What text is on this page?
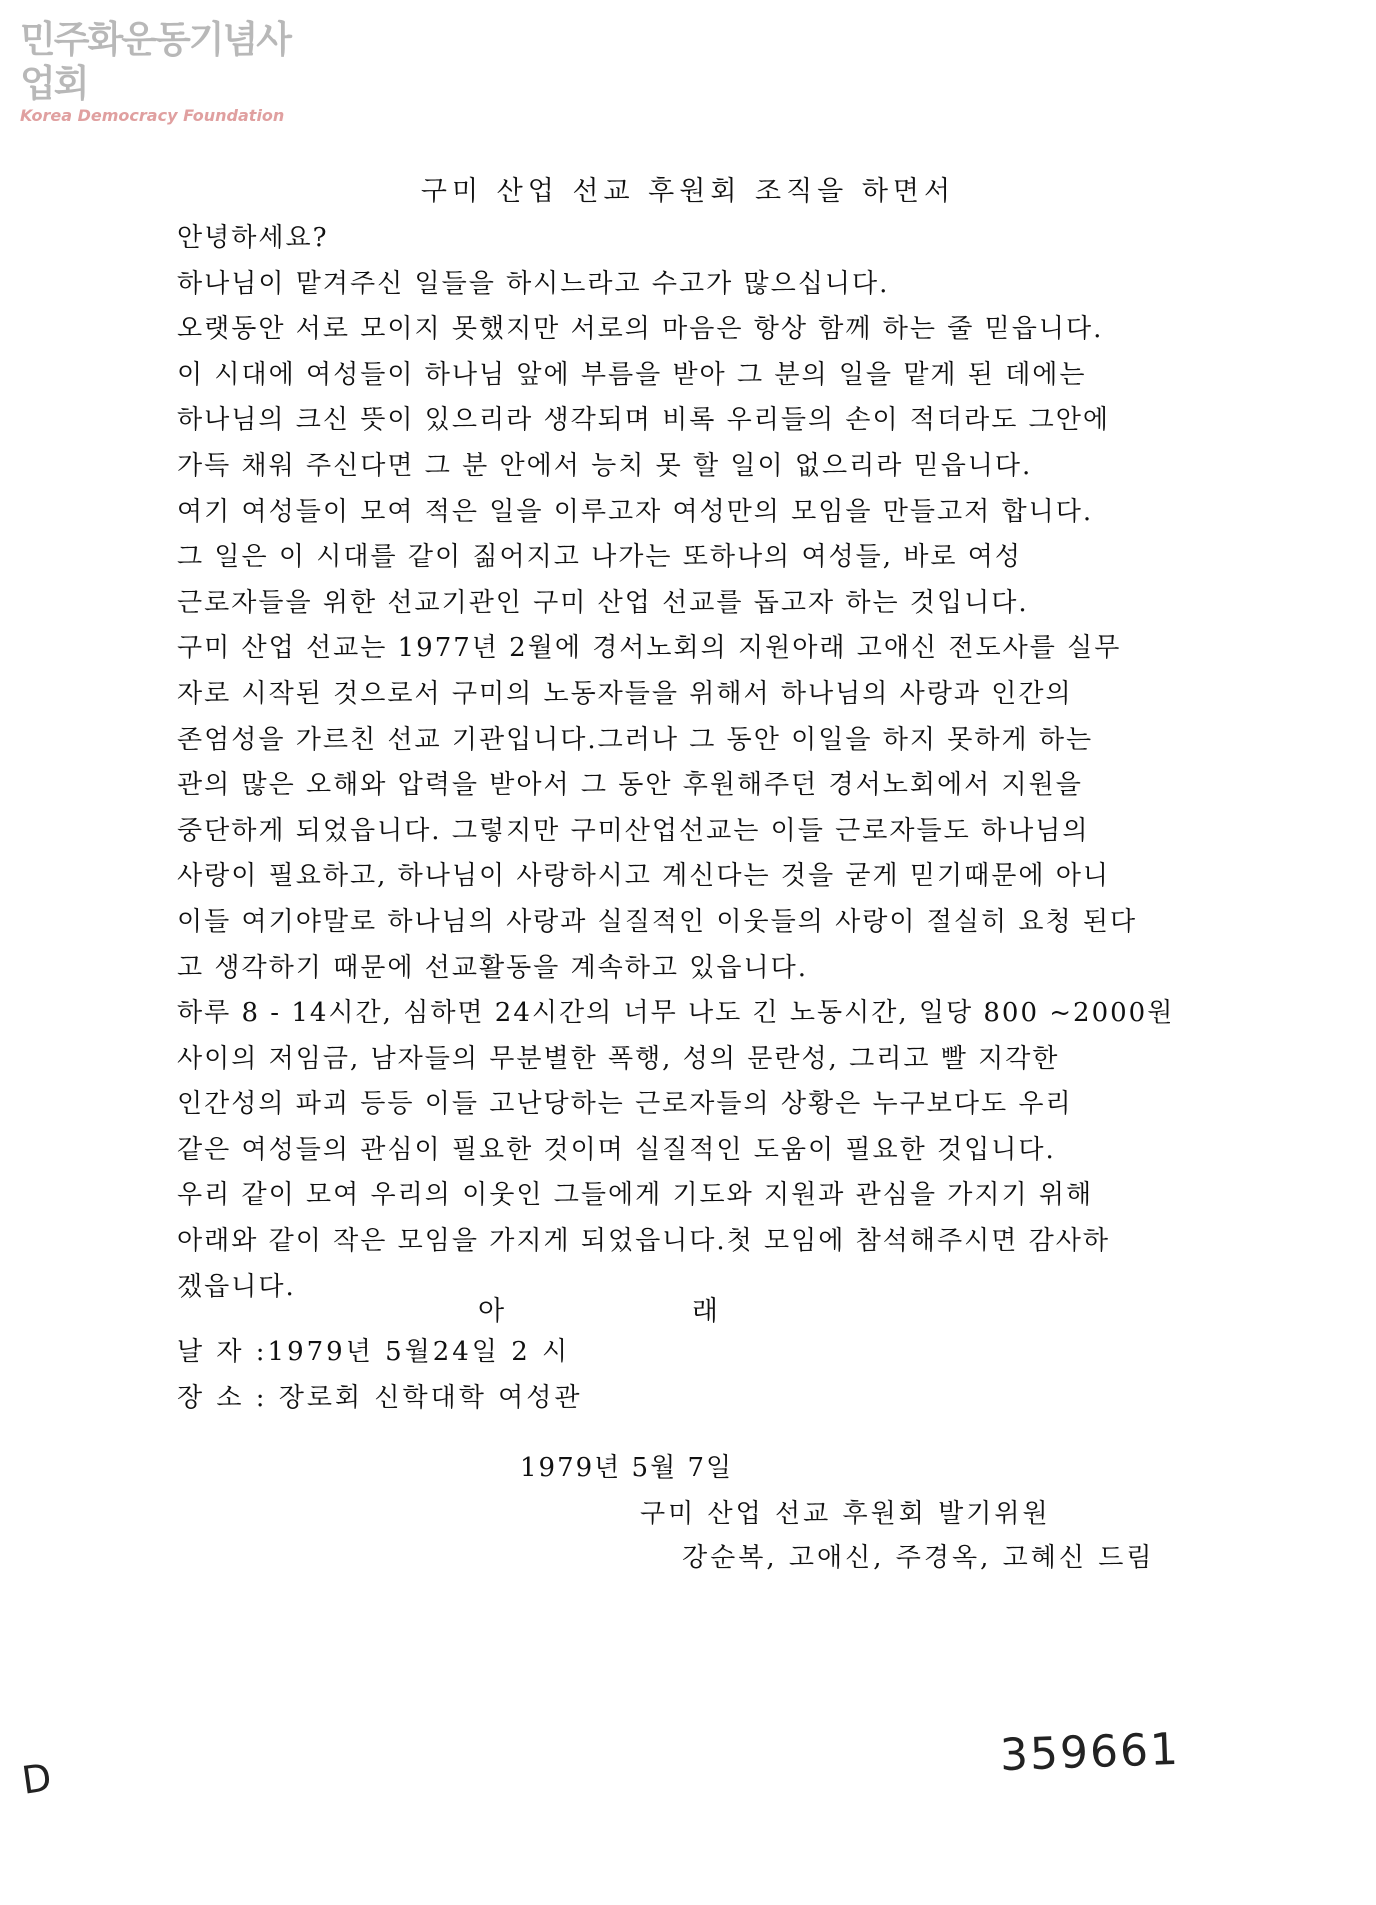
민주화운동기념사업회
Korea Democracy Foundation
구미 산업 선교 후원회 조직을 하면서
안녕하세요?
하나님이 맡겨주신 일들을 하시느라고 수고가 많으십니다.
오랫동안 서로 모이지 못했지만 서로의 마음은 항상 함께 하는 줄 믿읍니다.
이 시대에 여성들이 하나님 앞에 부름을 받아 그 분의 일을 맡게 된 데에는
하나님의 크신 뜻이 있으리라 생각되며 비록 우리들의 손이 적더라도 그안에
가득 채워 주신다면 그 분 안에서 능치 못 할 일이 없으리라 믿읍니다.
여기 여성들이 모여 적은 일을 이루고자 여성만의 모임을 만들고저 합니다.
그 일은 이 시대를 같이 짊어지고 나가는 또하나의 여성들, 바로 여성
근로자들을 위한 선교기관인 구미 산업 선교를 돕고자 하는 것입니다.
구미 산업 선교는 1977년 2월에 경서노회의 지원아래 고애신 전도사를 실무
자로 시작된 것으로서 구미의 노동자들을 위해서 하나님의 사랑과 인간의
존엄성을 가르친 선교 기관입니다.그러나 그 동안 이일을 하지 못하게 하는
관의 많은 오해와 압력을 받아서 그 동안 후원해주던 경서노회에서 지원을
중단하게 되었읍니다. 그렇지만 구미산업선교는 이들 근로자들도 하나님의
사랑이 필요하고, 하나님이 사랑하시고 계신다는 것을 굳게 믿기때문에 아니
이들 여기야말로 하나님의 사랑과 실질적인 이웃들의 사랑이 절실히 요청 된다
고 생각하기 때문에 선교활동을 계속하고 있읍니다.
하루 8 - 14시간, 심하면 24시간의 너무 나도 긴 노동시간, 일당 800 ~2000원
사이의 저임금, 남자들의 무분별한 폭행, 성의 문란성, 그리고 빨 지각한
인간성의 파괴 등등 이들 고난당하는 근로자들의 상황은 누구보다도 우리
같은 여성들의 관심이 필요한 것이며 실질적인 도움이 필요한 것입니다.
우리 같이 모여 우리의 이웃인 그들에게 기도와 지원과 관심을 가지기 위해
아래와 같이 작은 모임을 가지게 되었읍니다.첫 모임에 참석해주시면 감사하
겠읍니다.
아	래
날 자 :1979년 5월24일 2 시
장 소 : 장로회 신학대학 여성관
1979년 5월 7일
구미 산업 선교 후원회 발기위원
강순복, 고애신, 주경옥, 고혜신 드림
359661
D
